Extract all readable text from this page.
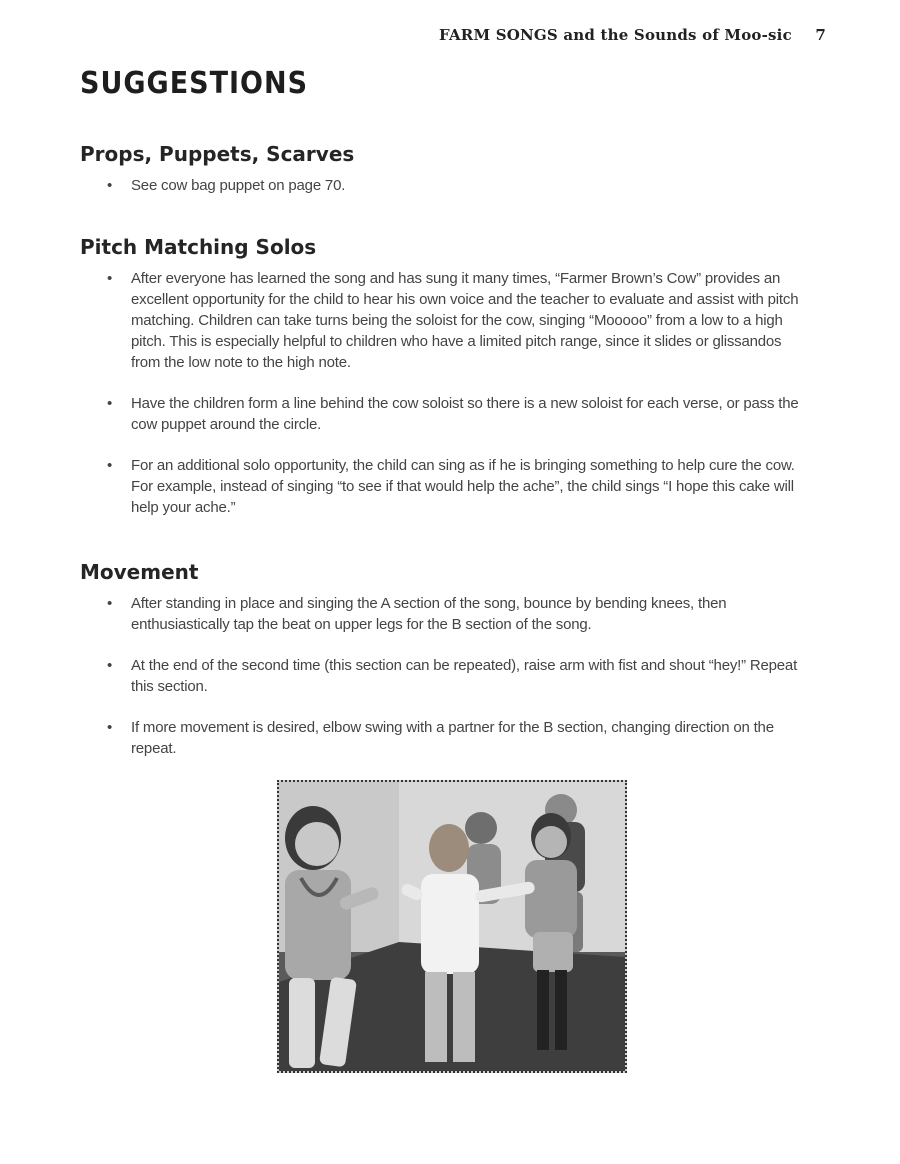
FARM SONGS and the Sounds of Moo-sic 7
SUGGESTIONS
Props, Puppets, Scarves
• See cow bag puppet on page 70.
Pitch Matching Solos
• After everyone has learned the song and has sung it many times, “Farmer Brown’s Cow” provides an excellent opportunity for the child to hear his own voice and the teacher to evaluate and assist with pitch matching. Children can take turns being the soloist for the cow, singing “Mooooo” from a low to a high pitch. This is especially helpful to children who have a limited pitch range, since it slides or glissandos from the low note to the high note.
• Have the children form a line behind the cow soloist so there is a new soloist for each verse, or pass the cow puppet around the circle.
• For an additional solo opportunity, the child can sing as if he is bringing something to help cure the cow. For example, instead of singing “to see if that would help the ache”, the child sings “I hope this cake will help your ache.”
Movement
• After standing in place and singing the A section of the song, bounce by bending knees, then enthusiastically tap the beat on upper legs for the B section of the song.
• At the end of the second time (this section can be repeated), raise arm with fist and shout “hey!” Repeat this section.
• If more movement is desired, elbow swing with a partner for the B section, changing direction on the repeat.
